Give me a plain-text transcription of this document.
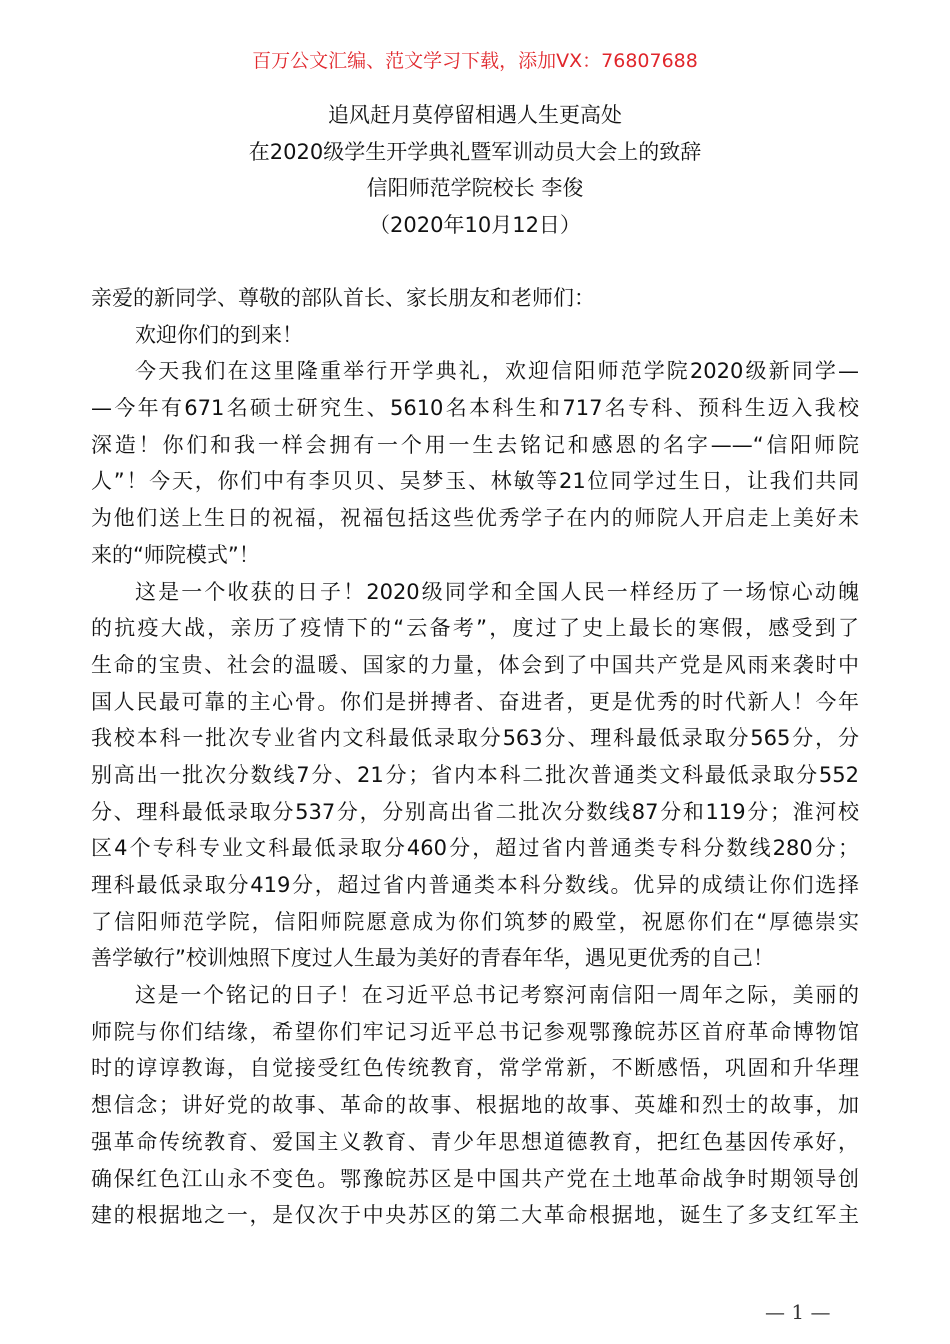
百万公文汇编、范文学习下载，添加VX：76807688
追风赶月莫停留相遇人生更高处
在2020级学生开学典礼暨军训动员大会上的致辞
信阳师范学院校长 李俊
（2020年10月12日）
亲爱的新同学、尊敬的部队首长、家长朋友和老师们：
欢迎你们的到来！
今天我们在这里隆重举行开学典礼，欢迎信阳师范学院2020级新同学—
—今年有671名硕士研究生、5610名本科生和717名专科、预科生迈入我校
深造！你们和我一样会拥有一个用一生去铭记和感恩的名字——“信阳师院
人”！今天，你们中有李贝贝、吴梦玉、林敏等21位同学过生日，让我们共同
为他们送上生日的祝福，祝福包括这些优秀学子在内的师院人开启走上美好未
来的“师院模式”！
这是一个收获的日子！2020级同学和全国人民一样经历了一场惊心动魄
的抗疫大战，亲历了疫情下的“云备考”，度过了史上最长的寒假，感受到了
生命的宝贵、社会的温暖、国家的力量，体会到了中国共产党是风雨来袭时中
国人民最可靠的主心骨。你们是拼搏者、奋进者，更是优秀的时代新人！今年
我校本科一批次专业省内文科最低录取分563分、理科最低录取分565分，分
别高出一批次分数线7分、21分；省内本科二批次普通类文科最低录取分552
分、理科最低录取分537分，分别高出省二批次分数线87分和119分；淮河校
区4个专科专业文科最低录取分460分，超过省内普通类专科分数线280分；
理科最低录取分419分，超过省内普通类本科分数线。优异的成绩让你们选择
了信阳师范学院，信阳师院愿意成为你们筑梦的殿堂，祝愿你们在“厚德崇实
善学敏行”校训烛照下度过人生最为美好的青春年华，遇见更优秀的自己！
这是一个铭记的日子！在习近平总书记考察河南信阳一周年之际，美丽的
师院与你们结缘，希望你们牢记习近平总书记参观鄂豫皖苏区首府革命博物馆
时的谆谆教诲，自觉接受红色传统教育，常学常新，不断感悟，巩固和升华理
想信念；讲好党的故事、革命的故事、根据地的故事、英雄和烈士的故事，加
强革命传统教育、爱国主义教育、青少年思想道德教育，把红色基因传承好，
确保红色江山永不变色。鄂豫皖苏区是中国共产党在土地革命战争时期领导创
建的根据地之一，是仅次于中央苏区的第二大革命根据地，诞生了多支红军主
— 1 —
